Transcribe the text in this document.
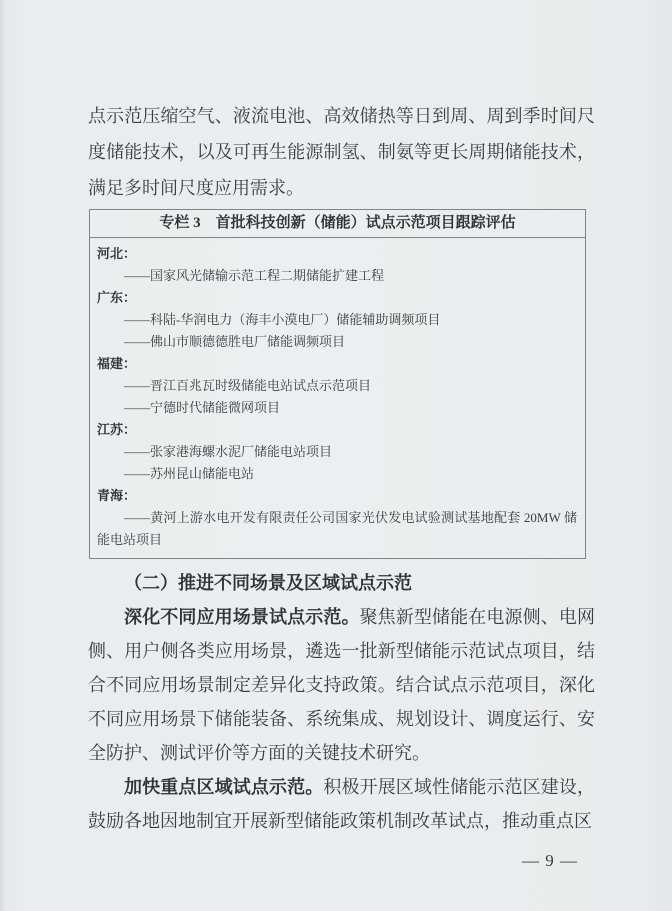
点示范压缩空气、液流电池、高效储热等日到周、周到季时间尺度储能技术，以及可再生能源制氢、制氨等更长周期储能技术，满足多时间尺度应用需求。

专栏 3　首批科技创新（储能）试点示范项目跟踪评估
河北：
——国家风光储输示范工程二期储能扩建工程
广东：
——科陆-华润电力（海丰小漠电厂）储能辅助调频项目
——佛山市顺德德胜电厂储能调频项目
福建：
——晋江百兆瓦时级储能电站试点示范项目
——宁德时代储能微网项目
江苏：
——张家港海螺水泥厂储能电站项目
——苏州昆山储能电站
青海：
——黄河上游水电开发有限责任公司国家光伏发电试验测试基地配套 20MW 储能电站项目
（二）推进不同场景及区域试点示范

深化不同应用场景试点示范。聚焦新型储能在电源侧、电网侧、用户侧各类应用场景，遴选一批新型储能示范试点项目，结合不同应用场景制定差异化支持政策。结合试点示范项目，深化不同应用场景下储能装备、系统集成、规划设计、调度运行、安全防护、测试评价等方面的关键技术研究。

加快重点区域试点示范。积极开展区域性储能示范区建设，鼓励各地因地制宜开展新型储能政策机制改革试点，推动重点区

— 9 —
